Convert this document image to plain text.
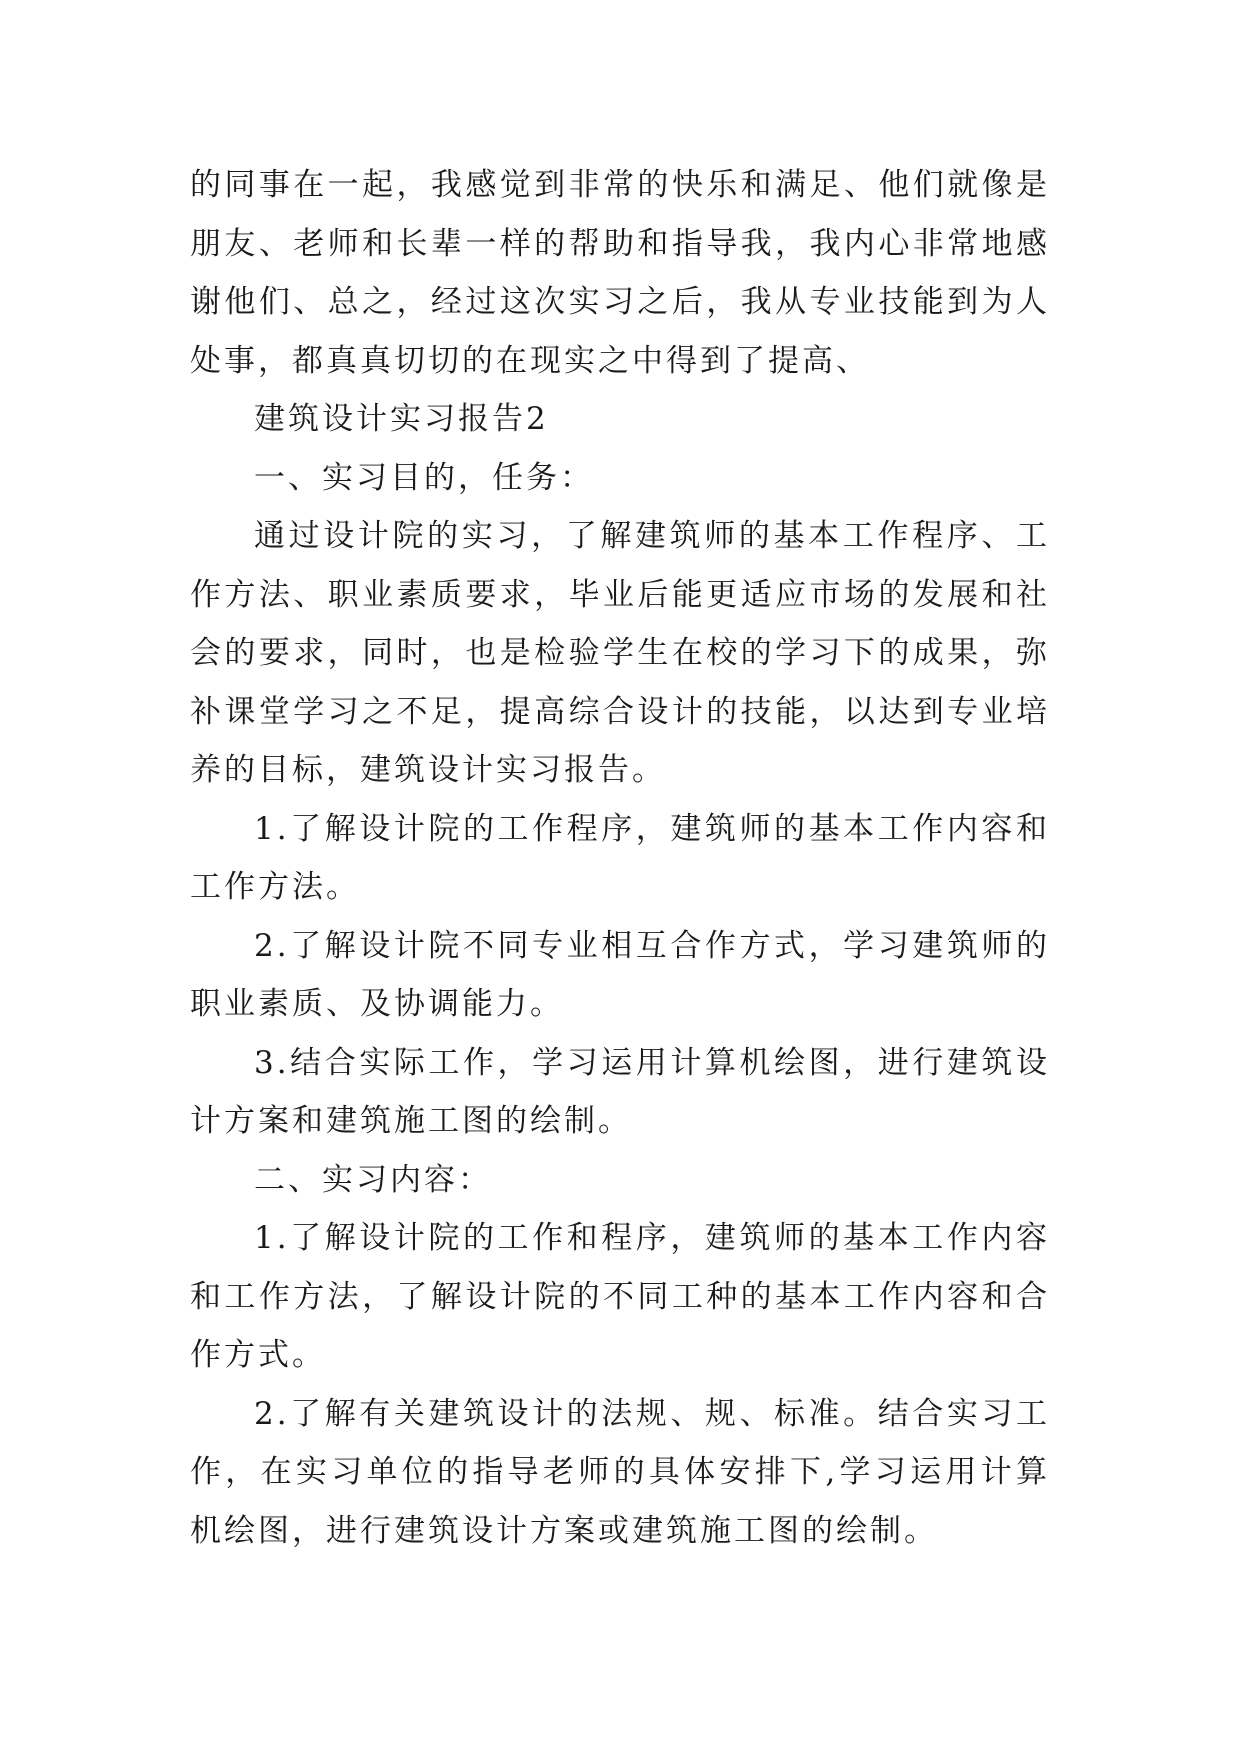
的同事在一起，我感觉到非常的快乐和满足、他们就像是朋友、老师和长辈一样的帮助和指导我，我内心非常地感谢他们、总之，经过这次实习之后，我从专业技能到为人处事，都真真切切的在现实之中得到了提高、

建筑设计实习报告2

一、实习目的，任务：

通过设计院的实习，了解建筑师的基本工作程序、工作方法、职业素质要求，毕业后能更适应市场的发展和社会的要求，同时，也是检验学生在校的学习下的成果，弥补课堂学习之不足，提高综合设计的技能，以达到专业培养的目标，建筑设计实习报告。

1.了解设计院的工作程序，建筑师的基本工作内容和工作方法。

2.了解设计院不同专业相互合作方式，学习建筑师的职业素质、及协调能力。

3.结合实际工作，学习运用计算机绘图，进行建筑设计方案和建筑施工图的绘制。

二、实习内容：

1.了解设计院的工作和程序，建筑师的基本工作内容和工作方法，了解设计院的不同工种的基本工作内容和合作方式。

2.了解有关建筑设计的法规、规、标准。结合实习工作，在实习单位的指导老师的具体安排下,学习运用计算机绘图，进行建筑设计方案或建筑施工图的绘制。
